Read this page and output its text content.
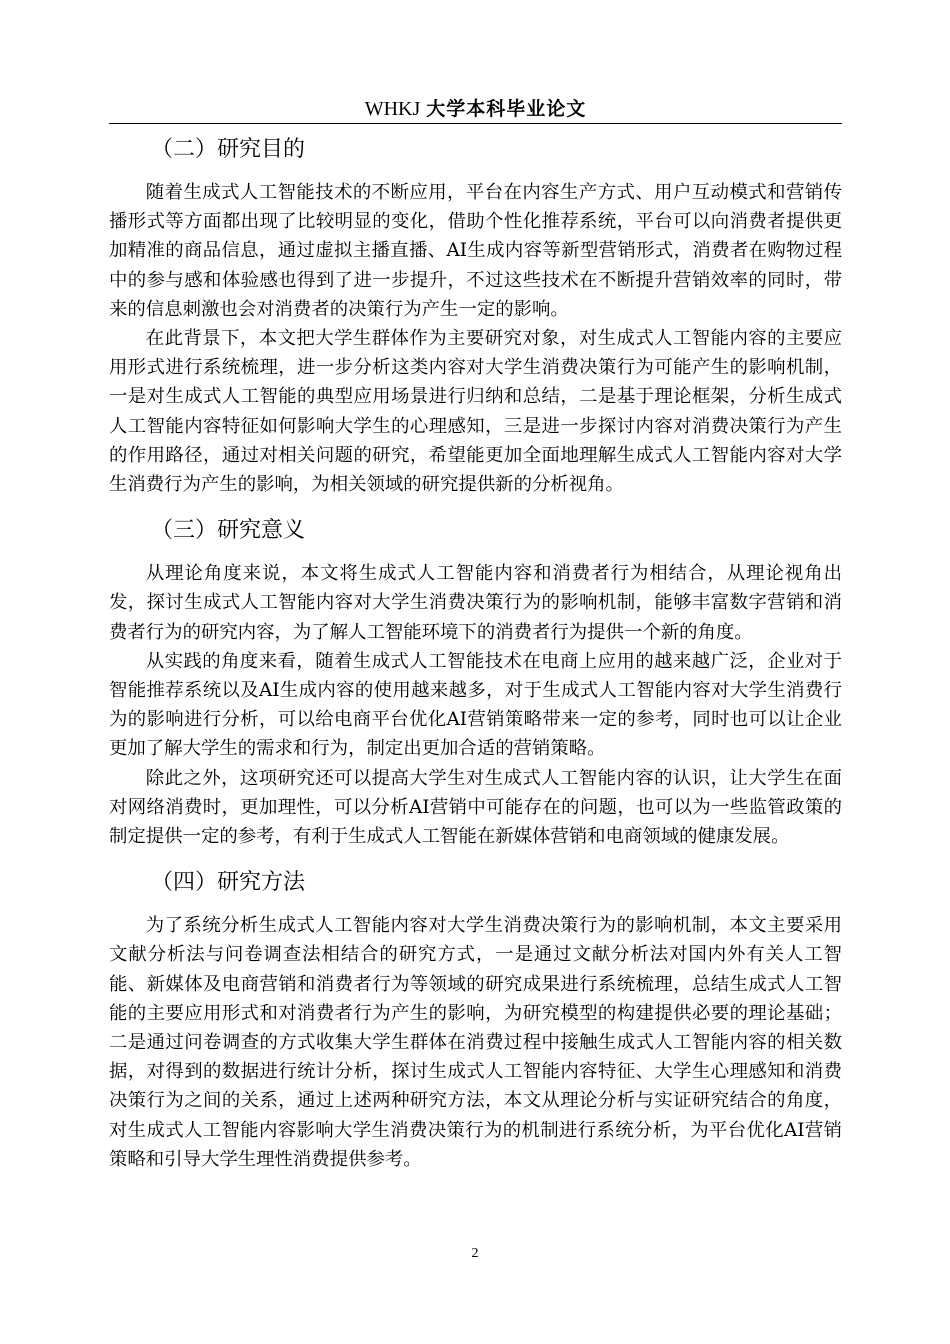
WHKJ 大学本科毕业论文
（二）研究目的

随着生成式人工智能技术的不断应用，平台在内容生产方式、用户互动模式和营销传播形式等方面都出现了比较明显的变化，借助个性化推荐系统，平台可以向消费者提供更加精准的商品信息，通过虚拟主播直播、AI生成内容等新型营销形式，消费者在购物过程中的参与感和体验感也得到了进一步提升，不过这些技术在不断提升营销效率的同时，带来的信息刺激也会对消费者的决策行为产生一定的影响。

在此背景下，本文把大学生群体作为主要研究对象，对生成式人工智能内容的主要应用形式进行系统梳理，进一步分析这类内容对大学生消费决策行为可能产生的影响机制，一是对生成式人工智能的典型应用场景进行归纳和总结，二是基于理论框架，分析生成式人工智能内容特征如何影响大学生的心理感知，三是进一步探讨内容对消费决策行为产生的作用路径，通过对相关问题的研究，希望能更加全面地理解生成式人工智能内容对大学生消费行为产生的影响，为相关领域的研究提供新的分析视角。

（三）研究意义

从理论角度来说，本文将生成式人工智能内容和消费者行为相结合，从理论视角出发，探讨生成式人工智能内容对大学生消费决策行为的影响机制，能够丰富数字营销和消费者行为的研究内容，为了解人工智能环境下的消费者行为提供一个新的角度。

从实践的角度来看，随着生成式人工智能技术在电商上应用的越来越广泛，企业对于智能推荐系统以及AI生成内容的使用越来越多，对于生成式人工智能内容对大学生消费行为的影响进行分析，可以给电商平台优化AI营销策略带来一定的参考，同时也可以让企业更加了解大学生的需求和行为，制定出更加合适的营销策略。

除此之外，这项研究还可以提高大学生对生成式人工智能内容的认识，让大学生在面对网络消费时，更加理性，可以分析AI营销中可能存在的问题，也可以为一些监管政策的制定提供一定的参考，有利于生成式人工智能在新媒体营销和电商领域的健康发展。

（四）研究方法

为了系统分析生成式人工智能内容对大学生消费决策行为的影响机制，本文主要采用文献分析法与问卷调查法相结合的研究方式，一是通过文献分析法对国内外有关人工智能、新媒体及电商营销和消费者行为等领域的研究成果进行系统梳理，总结生成式人工智能的主要应用形式和对消费者行为产生的影响，为研究模型的构建提供必要的理论基础；二是通过问卷调查的方式收集大学生群体在消费过程中接触生成式人工智能内容的相关数据，对得到的数据进行统计分析，探讨生成式人工智能内容特征、大学生心理感知和消费决策行为之间的关系，通过上述两种研究方法，本文从理论分析与实证研究结合的角度，对生成式人工智能内容影响大学生消费决策行为的机制进行系统分析，为平台优化AI营销策略和引导大学生理性消费提供参考。

2
